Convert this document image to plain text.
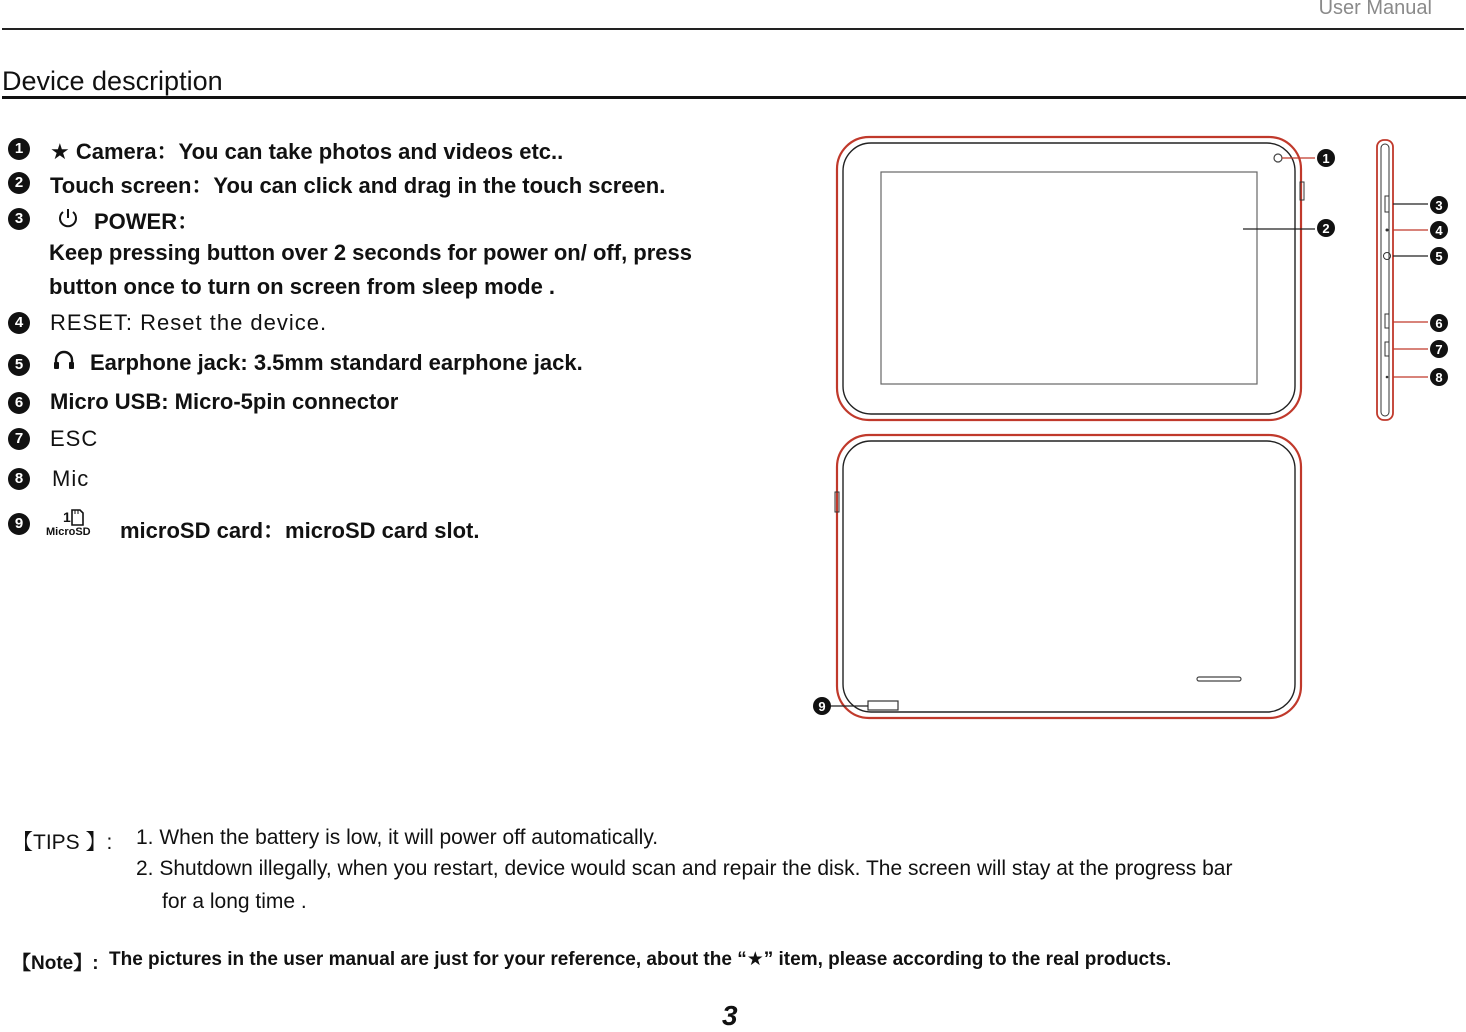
User Manual
Device description
1	★ Camera：You can take photos and videos etc..
2	Touch screen：You can click and drag in the touch screen.
3	POWER：
Keep pressing button over 2 seconds for power on/ off, press
button once to turn on screen from sleep mode .
4	RESET: Reset the device.
5	Earphone jack: 3.5mm standard earphone jack.
6	Micro USB: Micro-5pin connector
7	ESC
8	Mic
9	1
MicroSD	microSD card：microSD card slot.
1
2
3
4
5
6
7
8
9
【TIPS 】: 1. When the battery is low, it will power off automatically.
2. Shutdown illegally, when you restart, device would scan and repair the disk. The screen will stay at the progress bar
for a long time .
【Note】: The pictures in the user manual are just for your reference, about the “★” item, please according to the real products.
3
